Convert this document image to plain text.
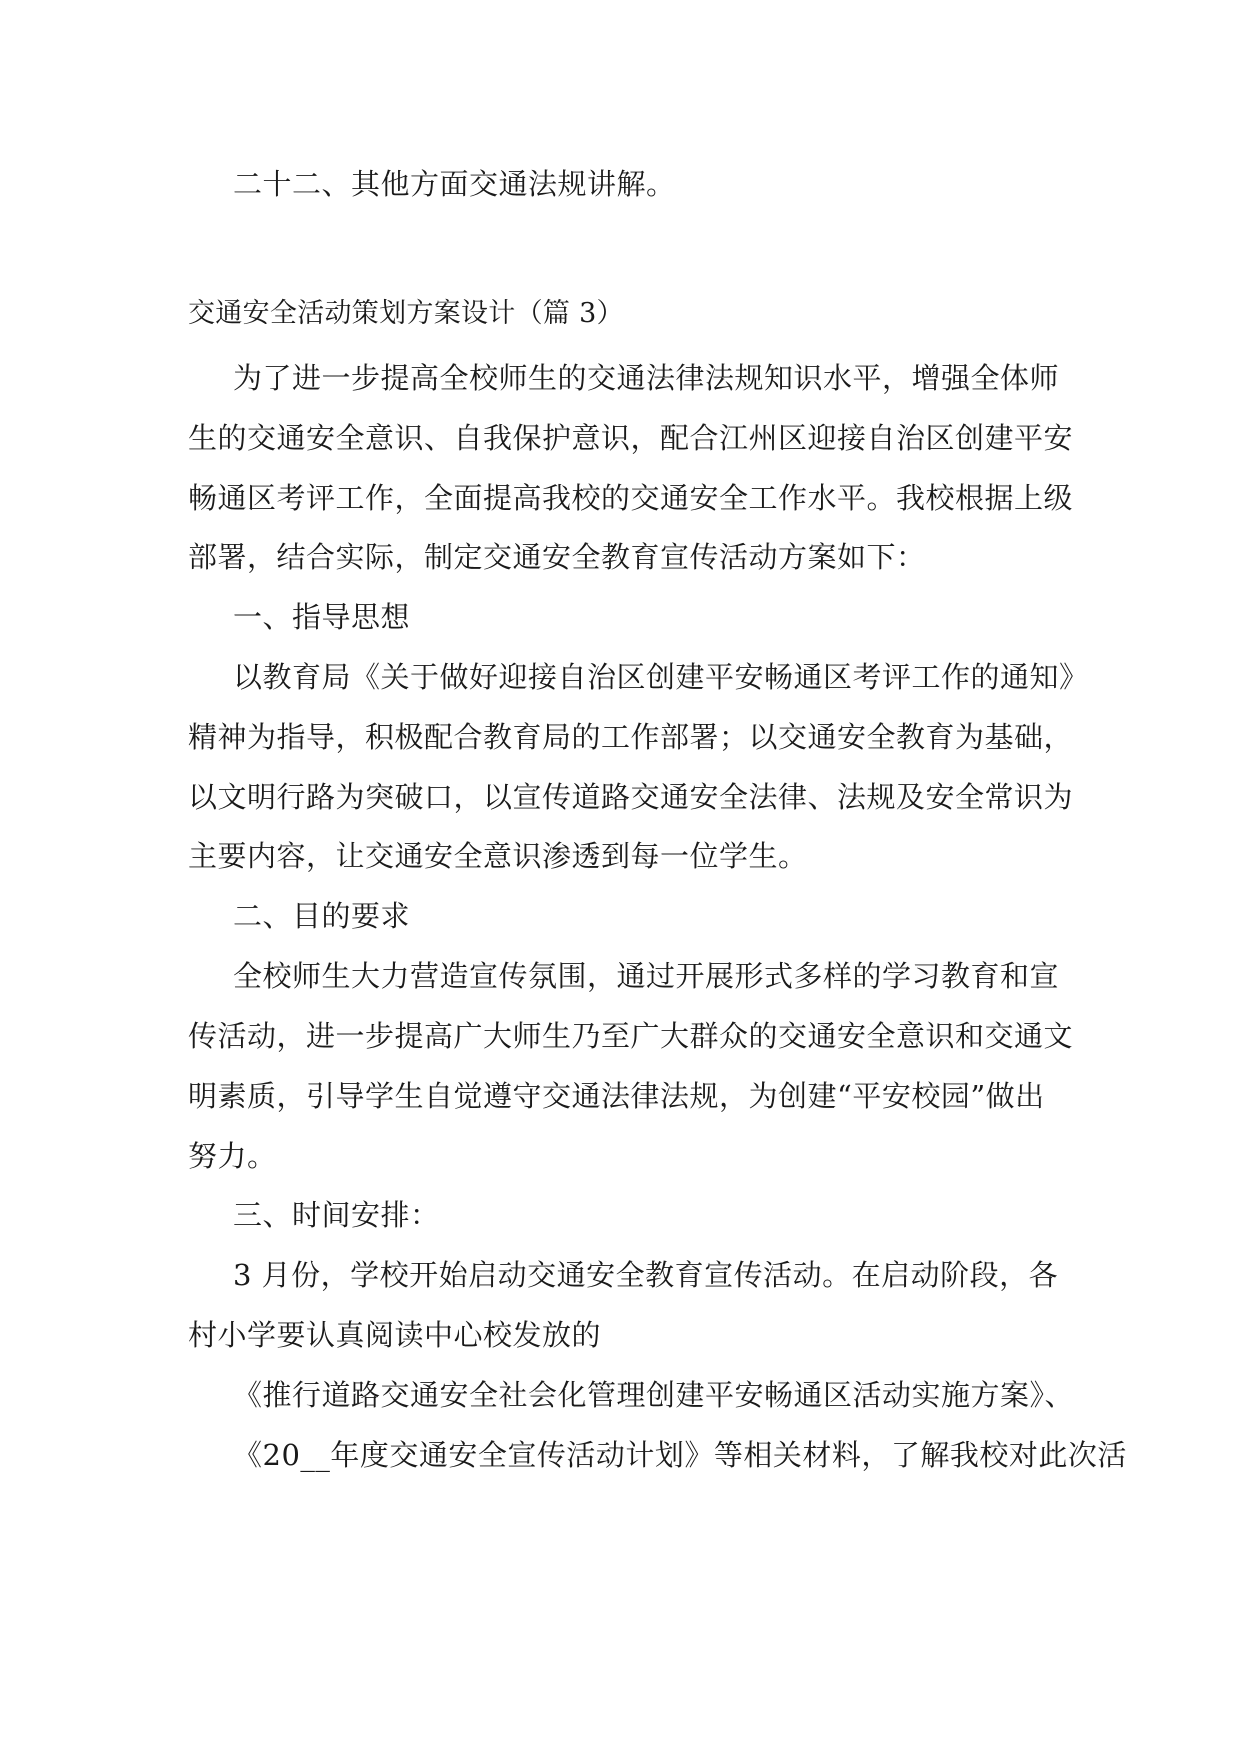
二十二、其他方面交通法规讲解。
交通安全活动策划方案设计（篇 3）
为了进一步提高全校师生的交通法律法规知识水平，增强全体师
生的交通安全意识、自我保护意识，配合江州区迎接自治区创建平安
畅通区考评工作，全面提高我校的交通安全工作水平。我校根据上级
部署，结合实际，制定交通安全教育宣传活动方案如下：
一、指导思想
以教育局《关于做好迎接自治区创建平安畅通区考评工作的通知》
精神为指导，积极配合教育局的工作部署；以交通安全教育为基础，
以文明行路为突破口，以宣传道路交通安全法律、法规及安全常识为
主要内容，让交通安全意识渗透到每一位学生。
二、目的要求
全校师生大力营造宣传氛围，通过开展形式多样的学习教育和宣
传活动，进一步提高广大师生乃至广大群众的交通安全意识和交通文
明素质，引导学生自觉遵守交通法律法规，为创建“平安校园”做出
努力。
三、时间安排：
3 月份，学校开始启动交通安全教育宣传活动。在启动阶段，各
村小学要认真阅读中心校发放的
《推行道路交通安全社会化管理创建平安畅通区活动实施方案》、
《20__年度交通安全宣传活动计划》等相关材料，了解我校对此次活
